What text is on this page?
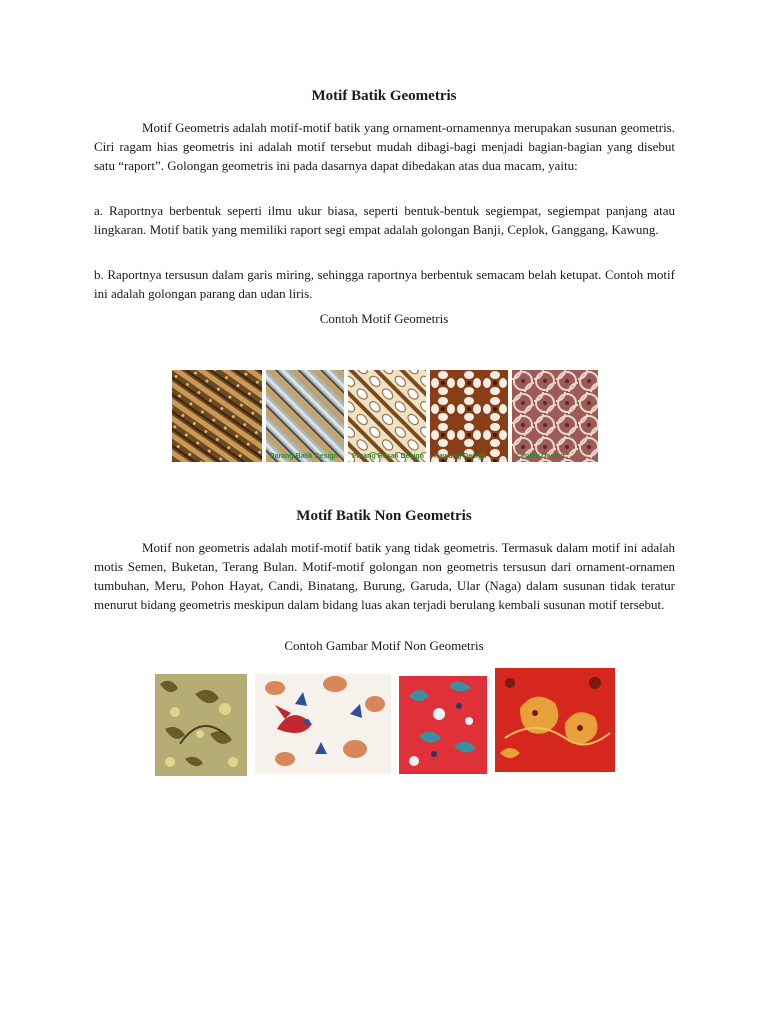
Motif Batik Geometris

Motif Geometris adalah motif-motif batik yang ornament-ornamennya merupakan susunan geometris. Ciri ragam hias geometris ini adalah motif tersebut mudah dibagi-bagi menjadi bagian-bagian yang disebut satu “raport”. Golongan geometris ini pada dasarnya dapat dibedakan atas dua macam, yaitu:

a. Raportnya berbentuk seperti ilmu ukur biasa, seperti bentuk-bentuk segiempat, segiempat panjang atau lingkaran. Motif batik yang memiliki raport segi empat adalah golongan Banji, Ceplok, Ganggang, Kawung.

b. Raportnya tersusun dalam garis miring, sehingga raportnya berbentuk semacam belah ketupat. Contoh motif ini adalah golongan parang dan udan liris.

Contoh Motif Geometris

Parang Batik Design Parang Rusak Design Kawung Design	Ceplok Design
Motif Batik Non Geometris

Motif non geometris adalah motif-motif batik yang tidak geometris. Termasuk dalam motif ini adalah motis Semen, Buketan, Terang Bulan. Motif-motif golongan non geometris tersusun dari ornament-ornamen tumbuhan, Meru, Pohon Hayat, Candi, Binatang, Burung, Garuda, Ular (Naga) dalam susunan tidak teratur menurut bidang geometris meskipun dalam bidang luas akan terjadi berulang kembali susunan motif tersebut.

Contoh Gambar Motif Non Geometris
